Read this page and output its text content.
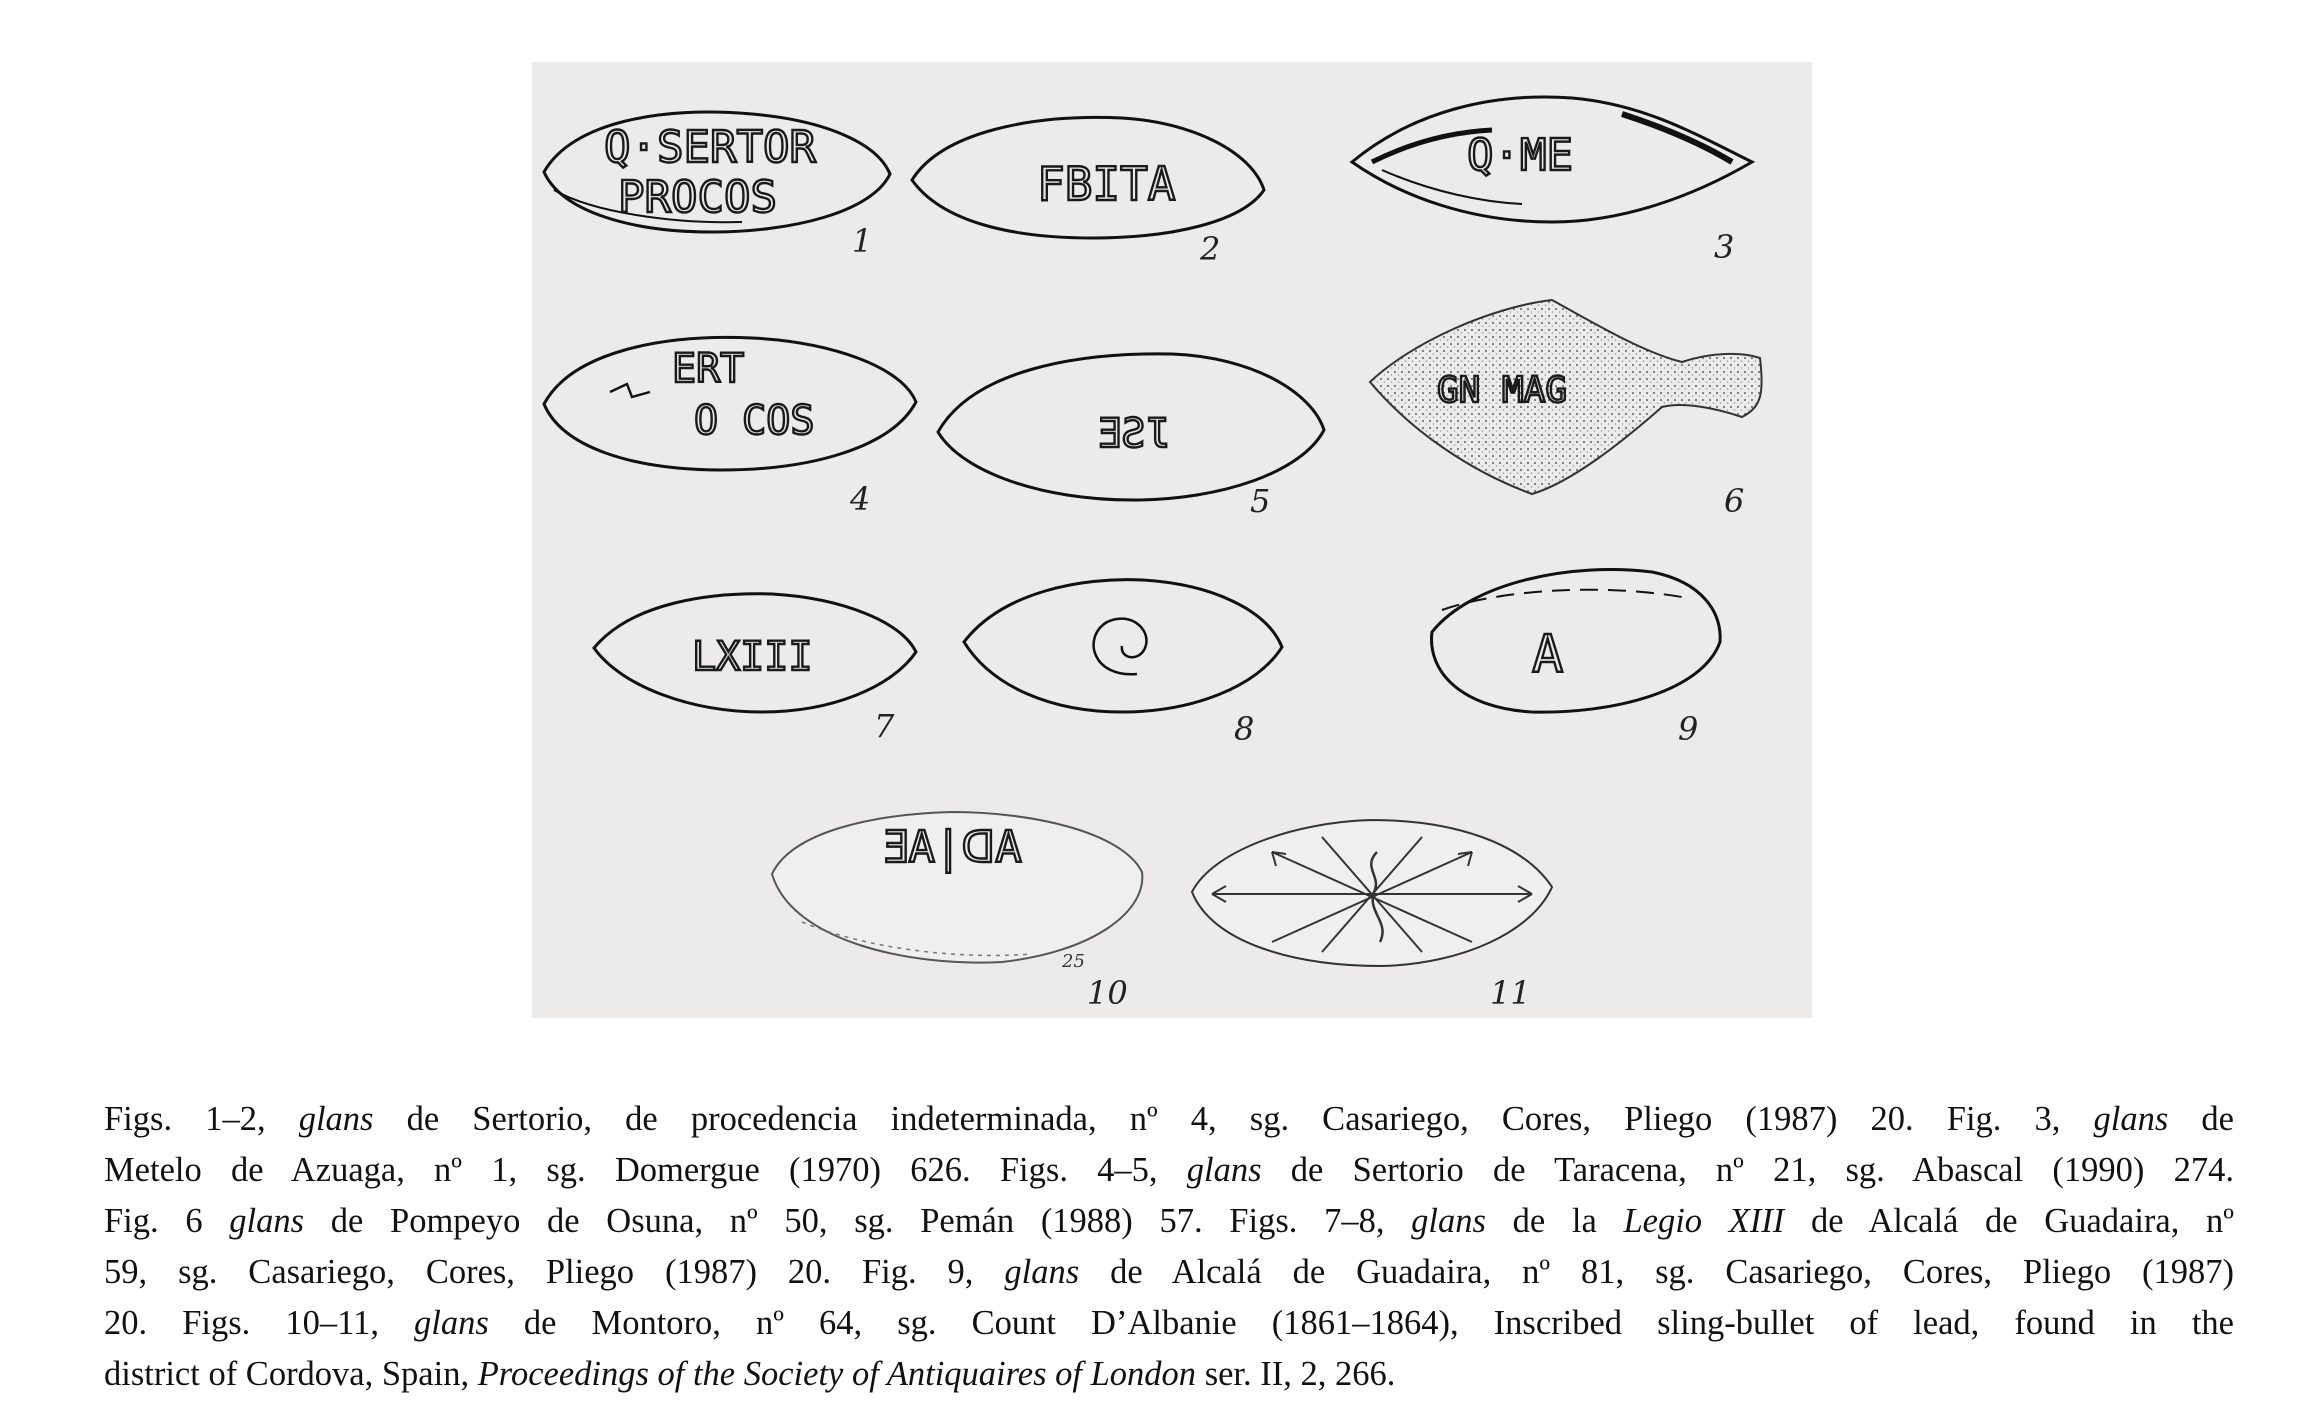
Q·SERTOR
PROCOS	FBITA
Q·ME
1	2	3
ERT
O COS	ƎƧƖ
GN MAG
4	5	6
LXIII	A
7	8	9
ƎA|ᗡA
25
10	11
Figs. 1–2, glans de Sertorio, de procedencia indeterminada, nº 4, sg. Casariego, Cores, Pliego (1987) 20. Fig. 3, glans de
Metelo de Azuaga, nº 1, sg. Domergue (1970) 626. Figs. 4–5, glans de Sertorio de Taracena, nº 21, sg. Abascal (1990) 274.
Fig. 6 glans de Pompeyo de Osuna, nº 50, sg. Pemán (1988) 57. Figs. 7–8, glans de la Legio XIII de Alcalá de Guadaira, nº
59, sg. Casariego, Cores, Pliego (1987) 20. Fig. 9, glans de Alcalá de Guadaira, nº 81, sg. Casariego, Cores, Pliego (1987)
20. Figs. 10–11, glans de Montoro, nº 64, sg. Count D’Albanie (1861–1864), Inscribed sling-bullet of lead, found in the
district of Cordova, Spain, Proceedings of the Society of Antiquaires of London ser. II, 2, 266.
